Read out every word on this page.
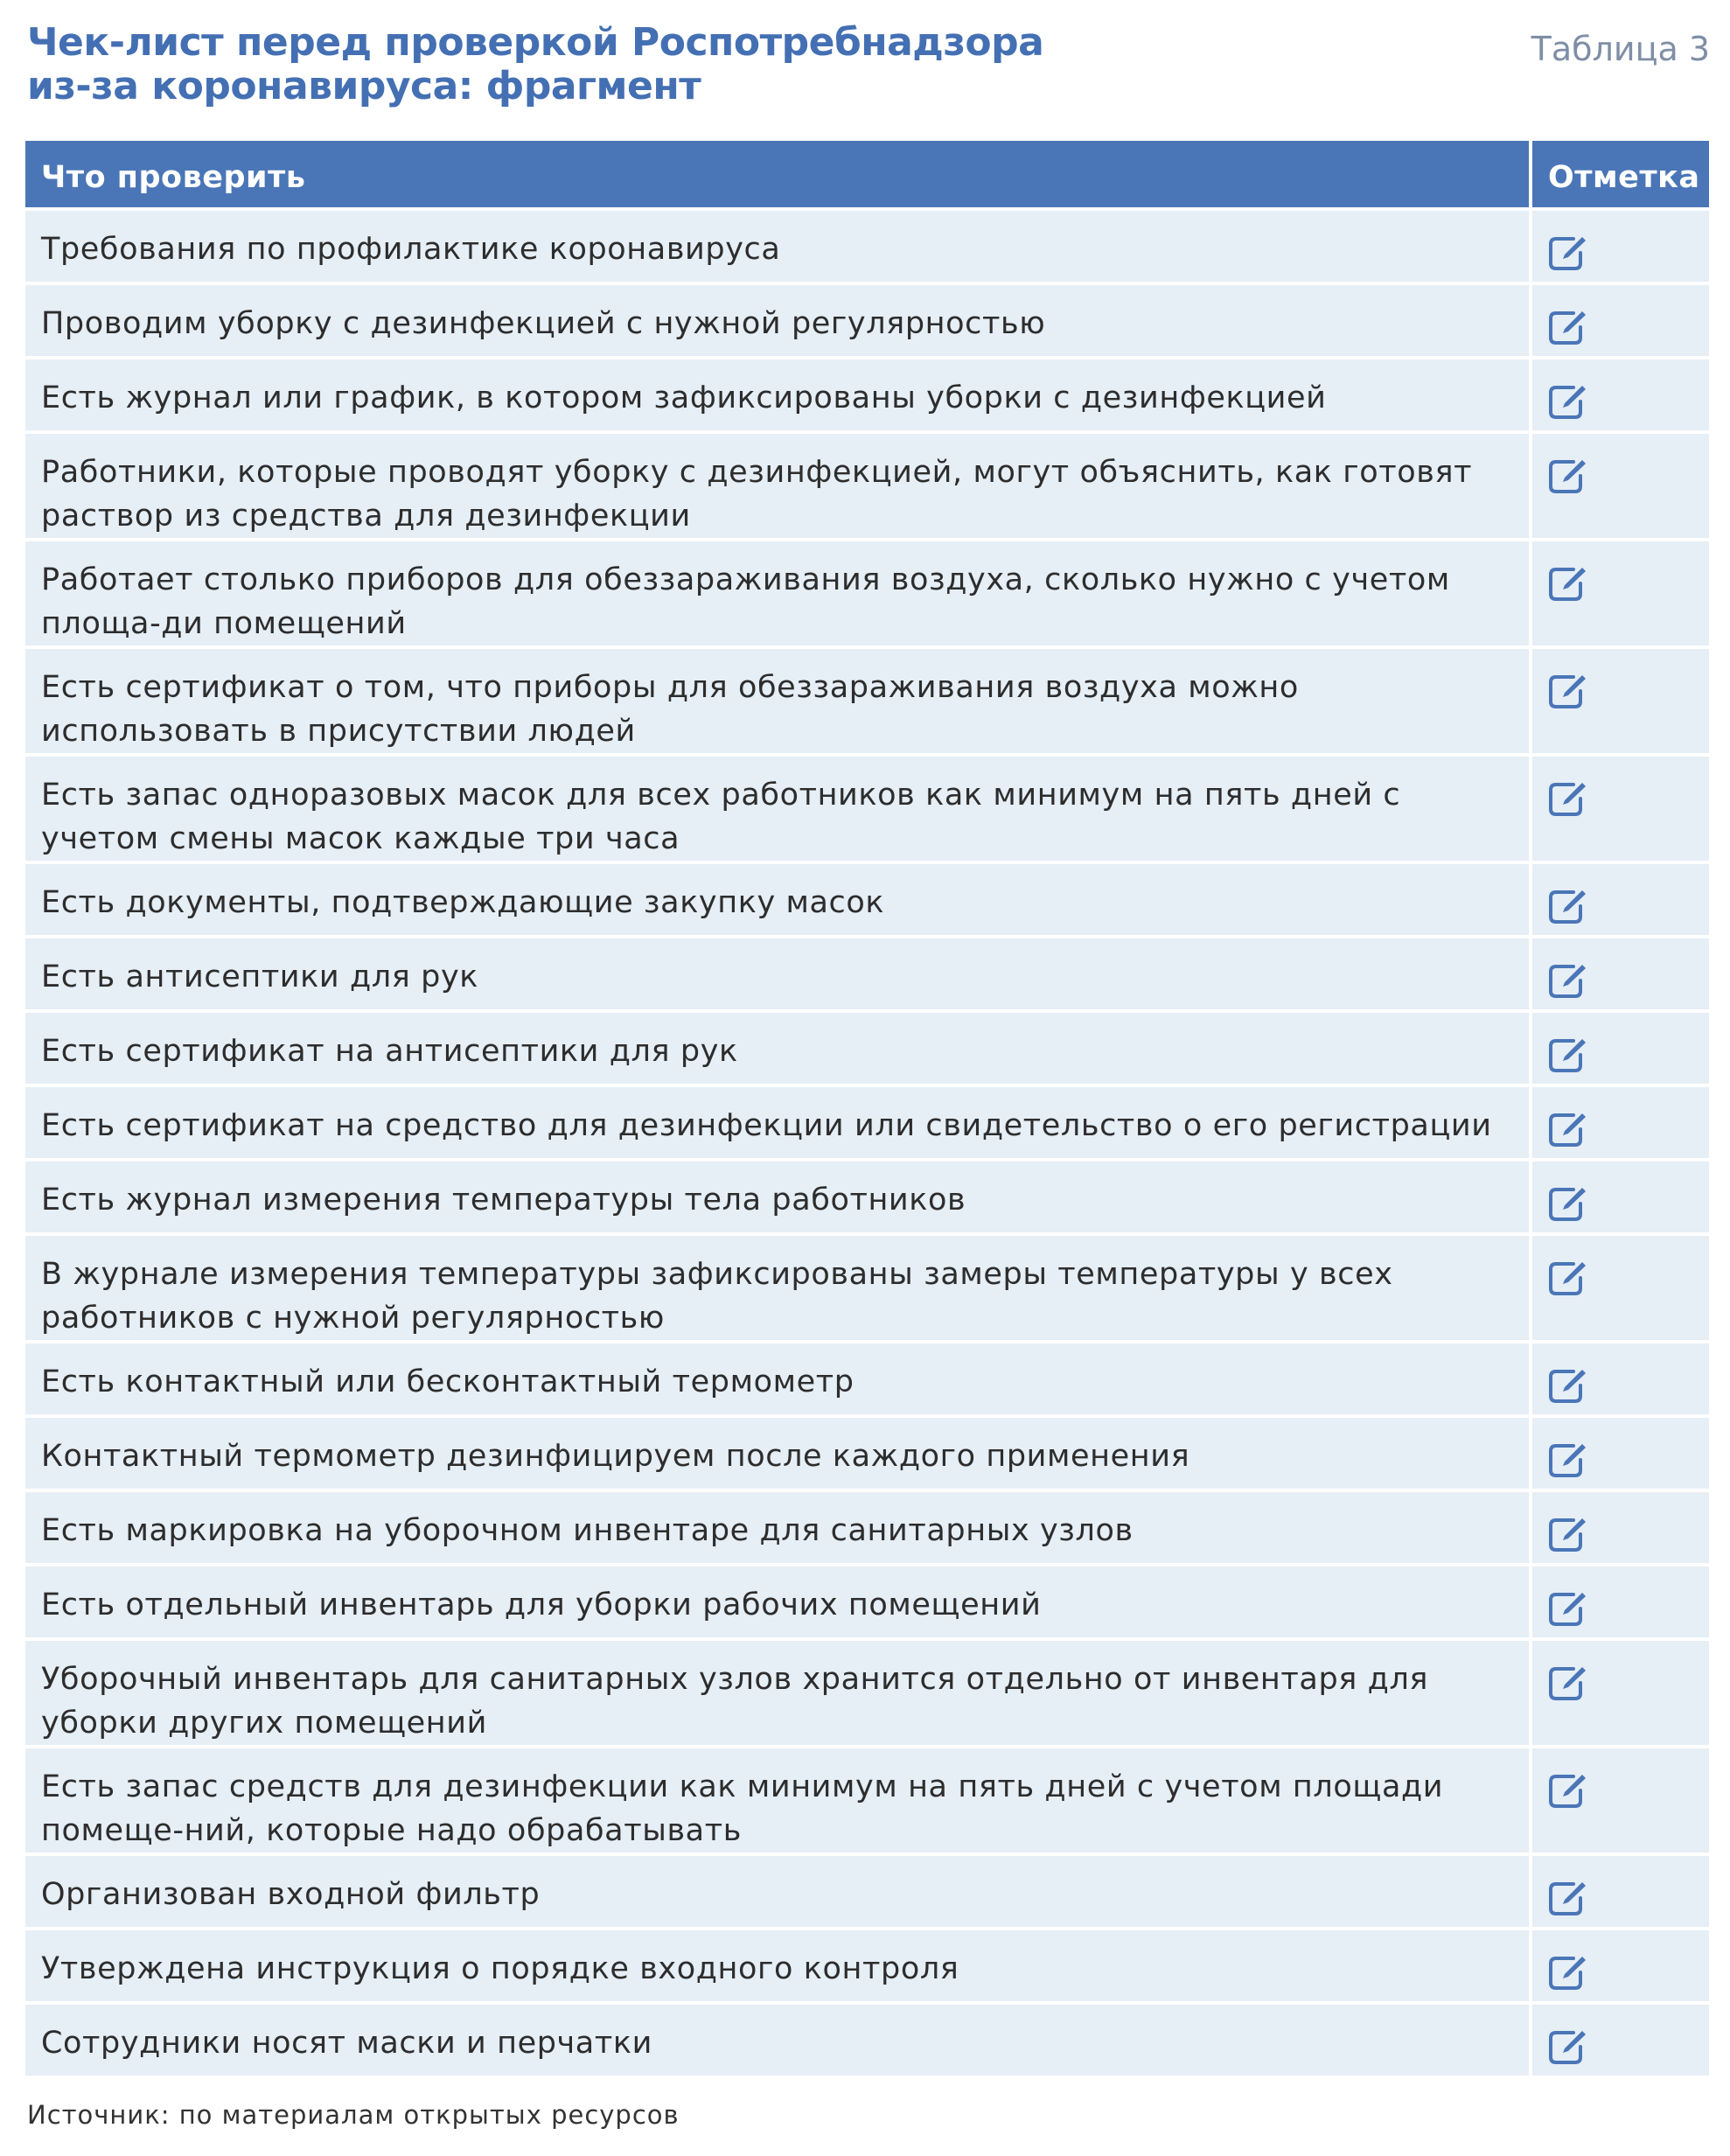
Чек-лист перед проверкой Роспотребнадзора
из-за коронавируса: фрагмент
Таблица 3
Что проверить	Отметка
Требования по профилактике коронавируса
Проводим уборку с дезинфекцией с нужной регулярностью
Есть журнал или график, в котором зафиксированы уборки с дезинфекцией
Работники, которые проводят уборку с дезинфекцией, могут объяснить, как готовят раствор из средства для дезинфекции
Работает столько приборов для обеззараживания воздуха, сколько нужно с учетом площа-ди помещений
Есть сертификат о том, что приборы для обеззараживания воздуха можно использовать в присутствии людей
Есть запас одноразовых масок для всех работников как минимум на пять дней с учетом смены масок каждые три часа
Есть документы, подтверждающие закупку масок
Есть антисептики для рук
Есть сертификат на антисептики для рук
Есть сертификат на средство для дезинфекции или свидетельство о его регистрации
Есть журнал измерения температуры тела работников
В журнале измерения температуры зафиксированы замеры температуры у всех работников с нужной регулярностью
Есть контактный или бесконтактный термометр
Контактный термометр дезинфицируем после каждого применения
Есть маркировка на уборочном инвентаре для санитарных узлов
Есть отдельный инвентарь для уборки рабочих помещений
Уборочный инвентарь для санитарных узлов хранится отдельно от инвентаря для уборки других помещений
Есть запас средств для дезинфекции как минимум на пять дней с учетом площади помеще-ний, которые надо обрабатывать
Организован входной фильтр
Утверждена инструкция о порядке входного контроля
Сотрудники носят маски и перчатки
Источник: по материалам открытых ресурсов
